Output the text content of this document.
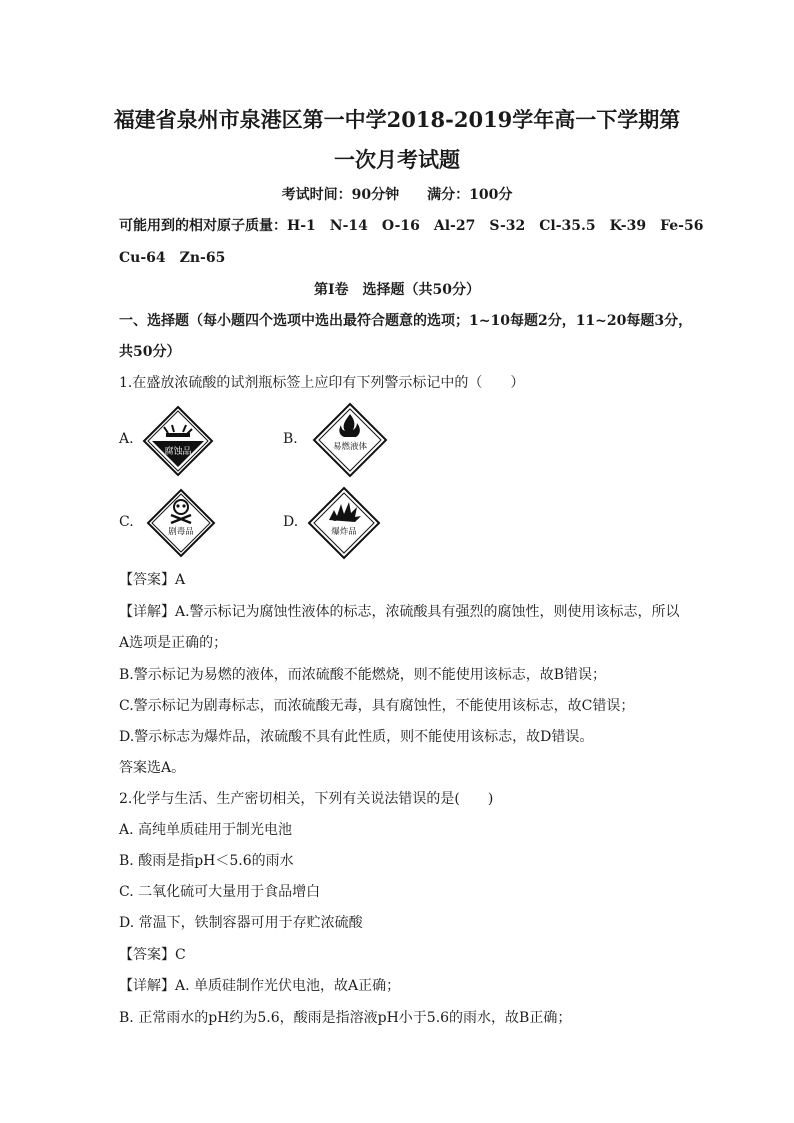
福建省泉州市泉港区第一中学2018-2019学年高一下学期第
一次月考试题
考试时间：90分钟　　满分：100分
可能用到的相对原子质量：H-1　N-14　O-16　Al-27　S-32　Cl-35.5　K-39　Fe-56
Cu-64　Zn-65
第Ⅰ卷　选择题（共50分）
一、选择题（每小题四个选项中选出最符合题意的选项；1~10每题2分，11~20每题3分，
共50分）
1.在盛放浓硫酸的试剂瓶标签上应印有下列警示标记中的（　　）
A.
腐蚀品
B.	易燃液体
C.
剧毒品
D.
爆炸品
【答案】A
【详解】A.警示标记为腐蚀性液体的标志，浓硫酸具有强烈的腐蚀性，则使用该标志，所以
A选项是正确的；
B.警示标记为易燃的液体，而浓硫酸不能燃烧，则不能使用该标志，故B错误；
C.警示标记为剧毒标志，而浓硫酸无毒，具有腐蚀性，不能使用该标志，故C错误；
D.警示标志为爆炸品，浓硫酸不具有此性质，则不能使用该标志，故D错误。
答案选A。
2.化学与生活、生产密切相关，下列有关说法错误的是(　　)
A. 高纯单质硅用于制光电池
B. 酸雨是指pH＜5.6的雨水
C. 二氧化硫可大量用于食品增白
D. 常温下，铁制容器可用于存贮浓硫酸
【答案】C
【详解】A. 单质硅制作光伏电池，故A正确；
B. 正常雨水的pH约为5.6，酸雨是指溶液pH小于5.6的雨水，故B正确；
